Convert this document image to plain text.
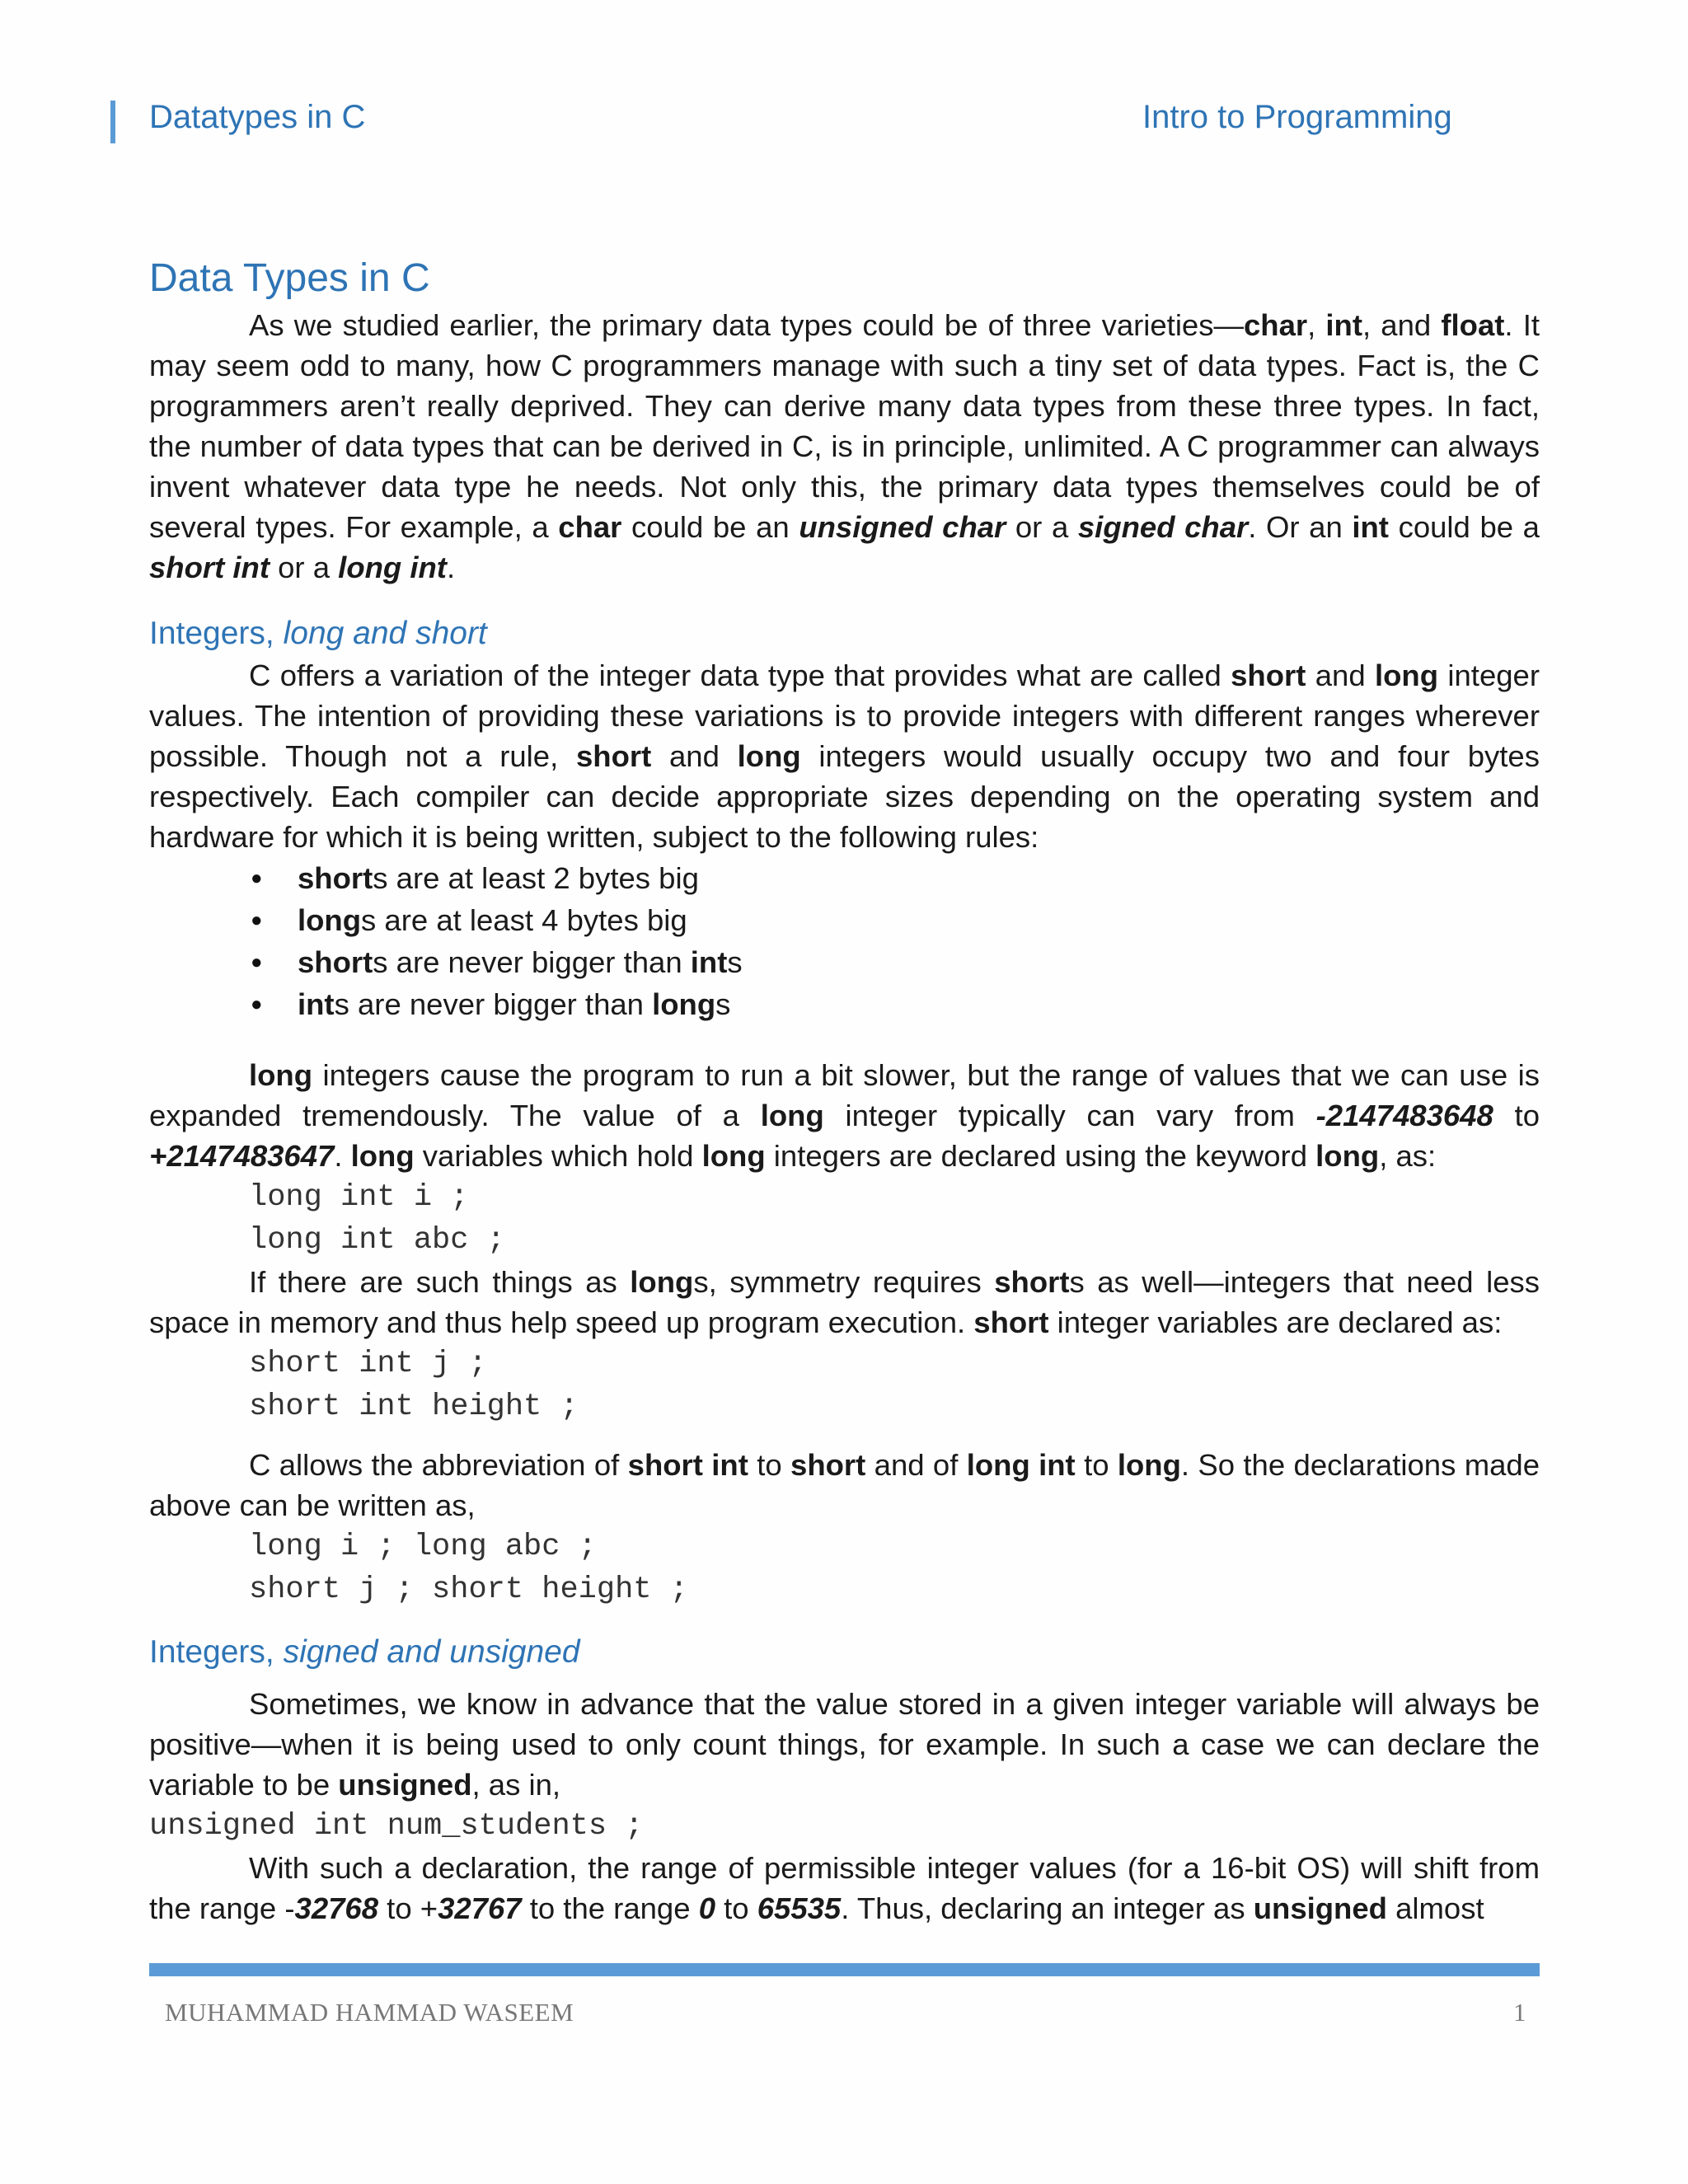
Datatypes in C	Intro to Programming
Data Types in C

As we studied earlier, the primary data types could be of three varieties—char, int, and float. It may seem odd to many, how C programmers manage with such a tiny set of data types. Fact is, the C programmers aren’t really deprived. They can derive many data types from these three types. In fact, the number of data types that can be derived in C, is in principle, unlimited. A C programmer can always invent whatever data type he needs. Not only this, the primary data types themselves could be of several types. For example, a char could be an unsigned char or a signed char. Or an int could be a short int or a long int.

Integers, long and short

C offers a variation of the integer data type that provides what are called short and long integer values. The intention of providing these variations is to provide integers with different ranges wherever possible. Though not a rule, short and long integers would usually occupy two and four bytes respectively. Each compiler can decide appropriate sizes depending on the operating system and hardware for which it is being written, subject to the following rules:

● shorts are at least 2 bytes big
● longs are at least 4 bytes big
● shorts are never bigger than ints
● ints are never bigger than longs

long integers cause the program to run a bit slower, but the range of values that we can use is expanded tremendously. The value of a long integer typically can vary from -2147483648 to +2147483647. long variables which hold long integers are declared using the keyword long, as:

long int i ;
long int abc ;

If there are such things as longs, symmetry requires shorts as well—integers that need less space in memory and thus help speed up program execution. short integer variables are declared as:

short int j ;
short int height ;

C allows the abbreviation of short int to short and of long int to long. So the declarations made above can be written as,

long i ; long abc ;
short j ; short height ;
Integers, signed and unsigned

Sometimes, we know in advance that the value stored in a given integer variable will always be positive—when it is being used to only count things, for example. In such a case we can declare the variable to be unsigned, as in,

unsigned int num_students ;

With such a declaration, the range of permissible integer values (for a 16-bit OS) will shift from the range -32768 to +32767 to the range 0 to 65535. Thus, declaring an integer as unsigned almost

MUHAMMAD HAMMAD WASEEM	1
